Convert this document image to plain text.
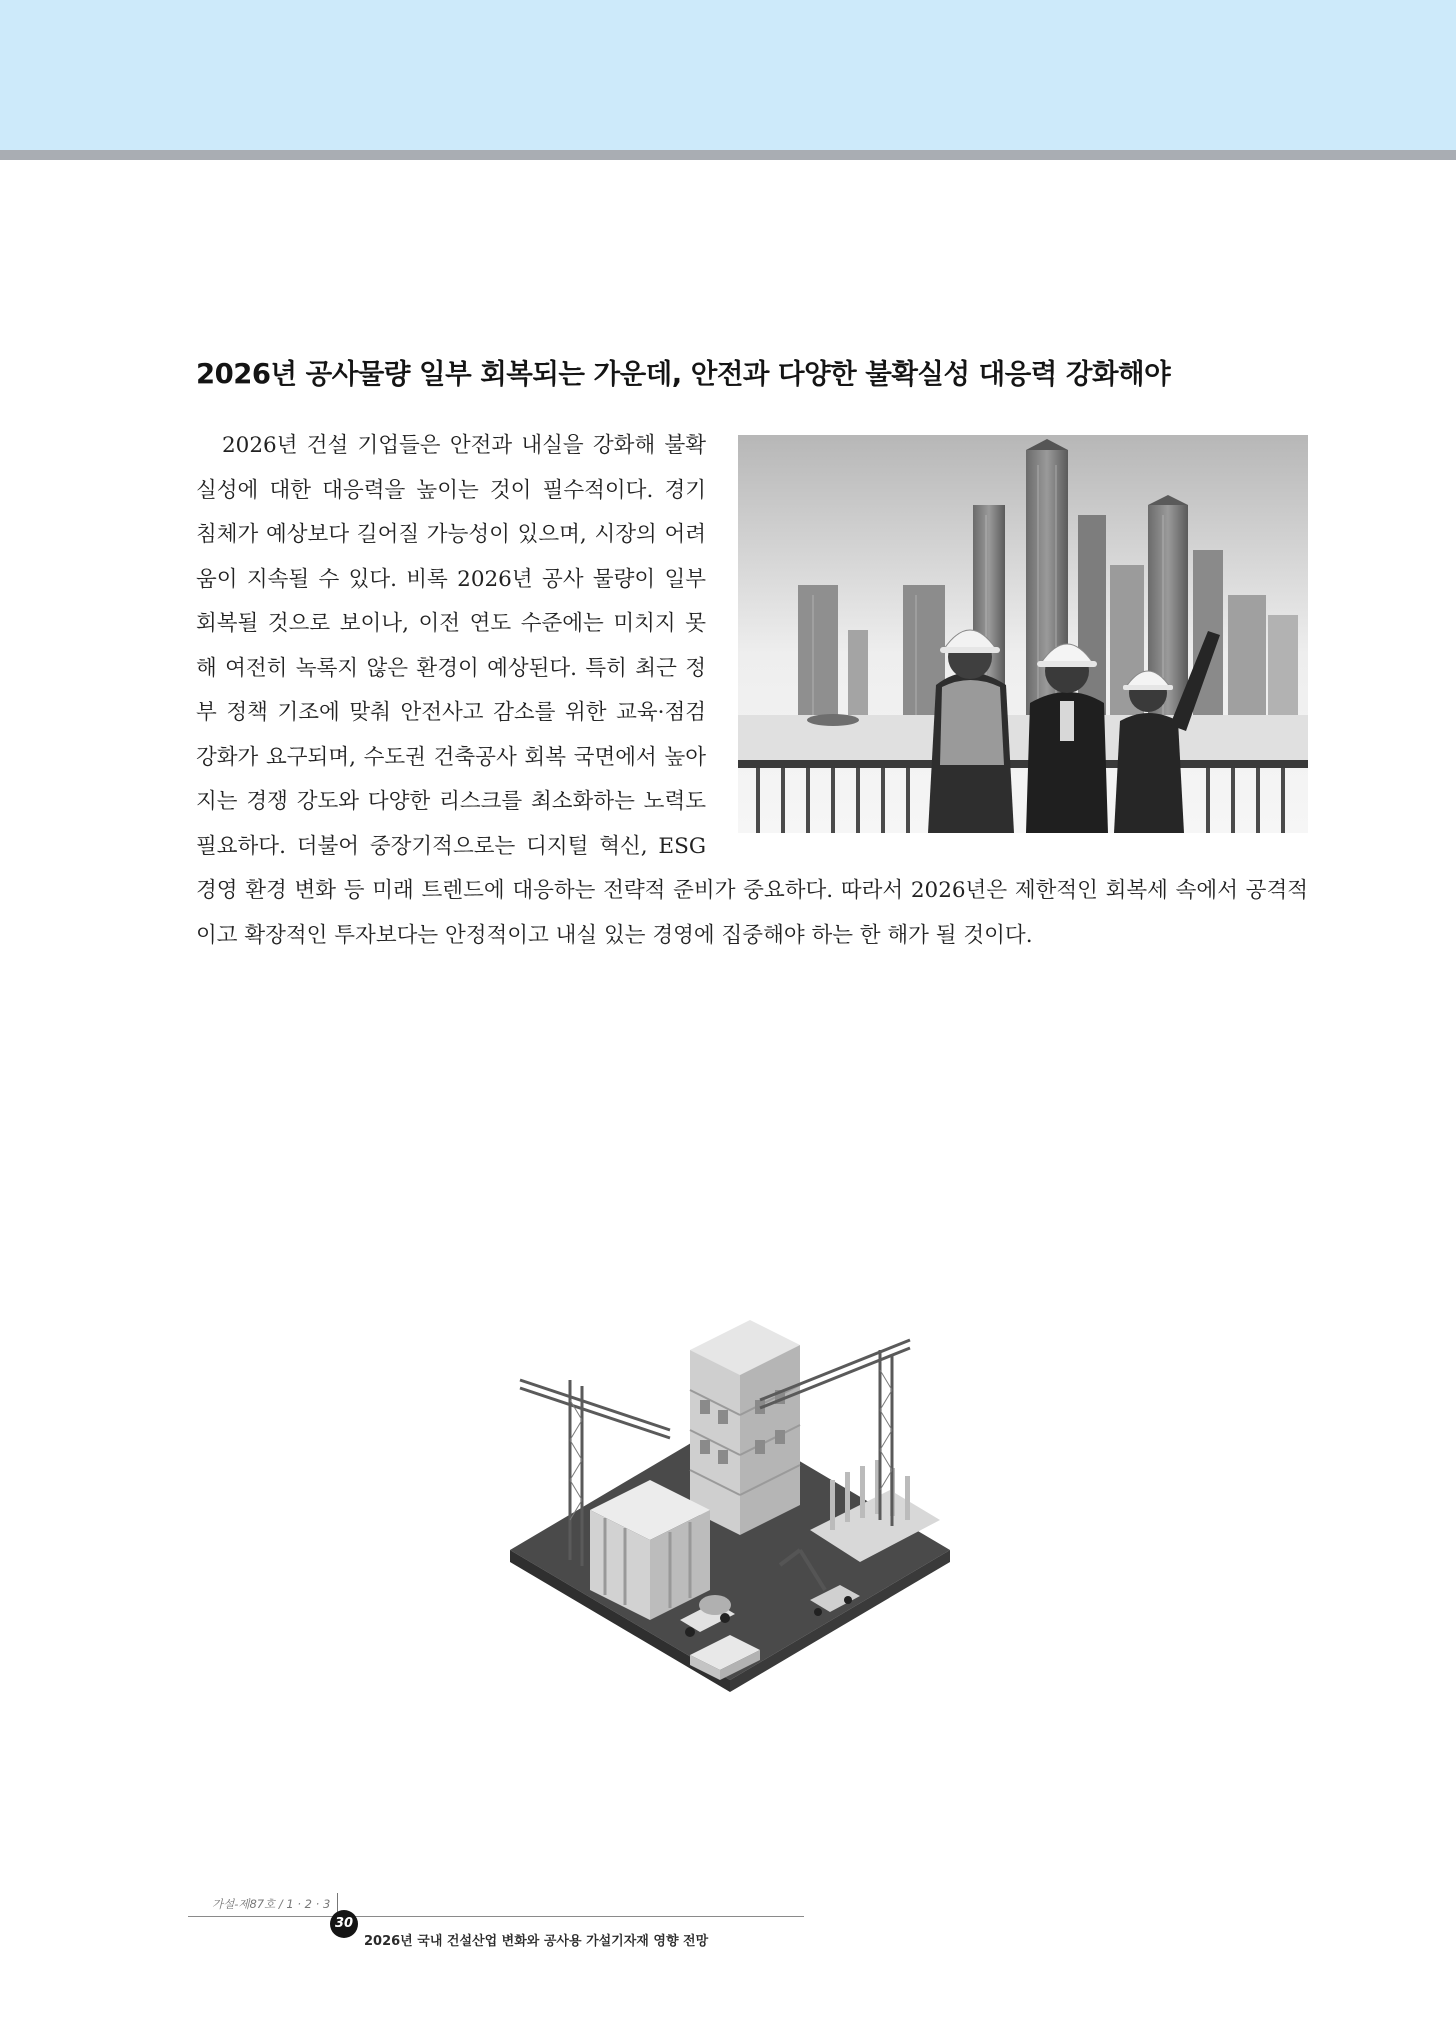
2026년 공사물량 일부 회복되는 가운데, 안전과 다양한 불확실성 대응력 강화해야

2026년 건설 기업들은 안전과 내실을 강화해 불확실성에 대한 대응력을 높이는 것이 필수적이다. 경기 침체가 예상보다 길어질 가능성이 있으며, 시장의 어려움이 지속될 수 있다. 비록 2026년 공사 물량이 일부 회복될 것으로 보이나, 이전 연도 수준에는 미치지 못해 여전히 녹록지 않은 환경이 예상된다. 특히 최근 정부 정책 기조에 맞춰 안전사고 감소를 위한 교육·점검 강화가 요구되며, 수도권 건축공사 회복 국면에서 높아지는 경쟁 강도와 다양한 리스크를 최소화하는 노력도 필요하다. 더불어 중장기적으로는 디지털 혁신, ESG 경영 환경 변화 등 미래 트렌드에 대응하는 전략적 준비가 중요하다. 따라서 2026년은 제한적인 회복세 속에서 공격적이고 확장적인 투자보다는 안정적이고 내실 있는 경영에 집중해야 하는 한 해가 될 것이다.

가설-제87호 / 1 · 2 · 3
30
2026년 국내 건설산업 변화와 공사용 가설기자재 영향 전망
